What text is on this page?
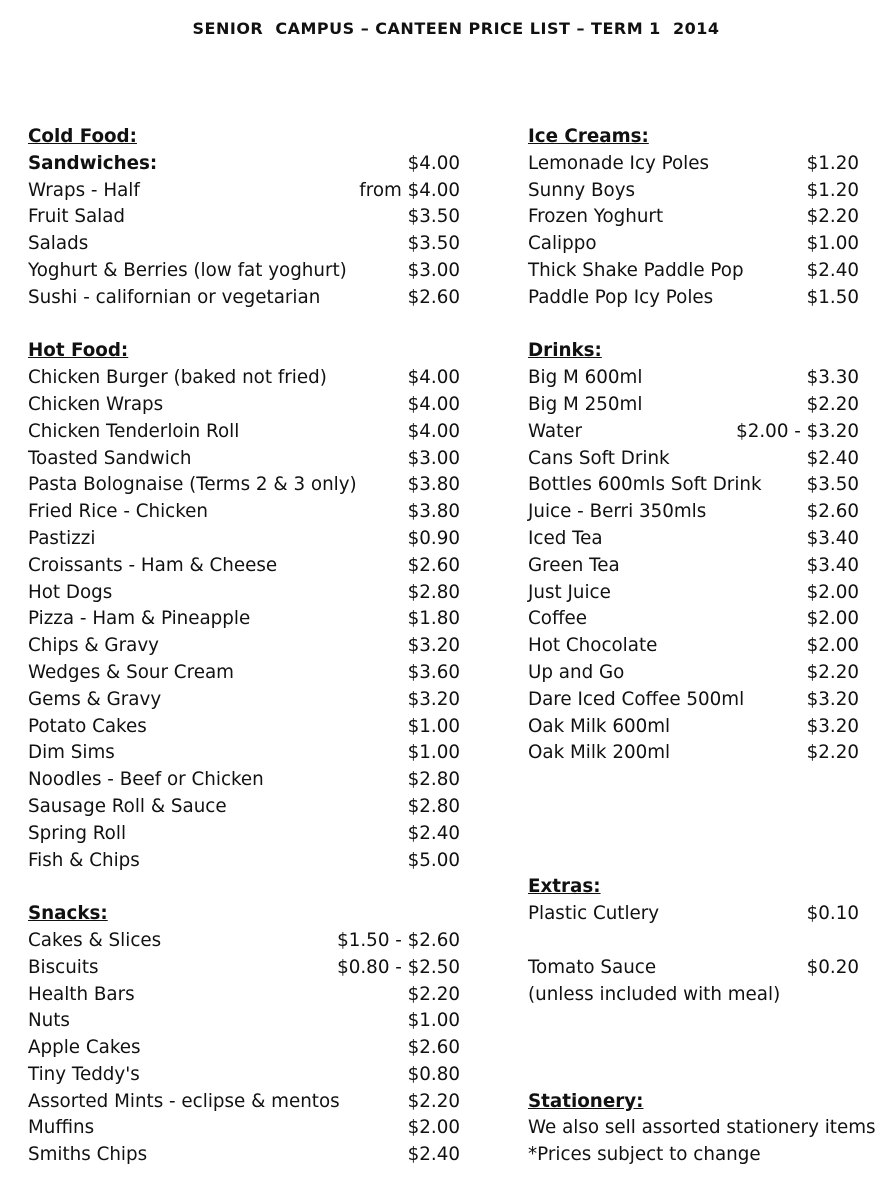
SENIOR  CAMPUS – CANTEEN PRICE LIST – TERM 1  2014
Cold Food:
Sandwiches:	$4.00
Wraps - Half	from $4.00
Fruit Salad	$3.50
Salads	$3.50
Yoghurt & Berries (low fat yoghurt)	$3.00
Sushi - californian or vegetarian	$2.60
Hot Food:
Chicken Burger (baked not fried)	$4.00
Chicken Wraps	$4.00
Chicken Tenderloin Roll	$4.00
Toasted Sandwich	$3.00
Pasta Bolognaise (Terms 2 & 3 only)	$3.80
Fried Rice - Chicken	$3.80
Pastizzi	$0.90
Croissants - Ham & Cheese	$2.60
Hot Dogs	$2.80
Pizza - Ham & Pineapple	$1.80
Chips & Gravy	$3.20
Wedges & Sour Cream	$3.60
Gems & Gravy	$3.20
Potato Cakes	$1.00
Dim Sims	$1.00
Noodles - Beef or Chicken	$2.80
Sausage Roll & Sauce	$2.80
Spring Roll	$2.40
Fish & Chips	$5.00
Snacks:
Cakes & Slices	$1.50 - $2.60
Biscuits	$0.80 - $2.50
Health Bars	$2.20
Nuts	$1.00
Apple Cakes	$2.60
Tiny Teddy's	$0.80
Assorted Mints - eclipse & mentos	$2.20
Muffins	$2.00
Smiths Chips	$2.40
Ice Creams:
Lemonade Icy Poles	$1.20
Sunny Boys	$1.20
Frozen Yoghurt	$2.20
Calippo	$1.00
Thick Shake Paddle Pop	$2.40
Paddle Pop Icy Poles	$1.50
Drinks:
Big M 600ml	$3.30
Big M 250ml	$2.20
Water	$2.00 - $3.20
Cans Soft Drink	$2.40
Bottles 600mls Soft Drink $3.50
Juice - Berri 350mls	$2.60
Iced Tea	$3.40
Green Tea	$3.40
Just Juice	$2.00
Coffee	$2.00
Hot Chocolate	$2.00
Up and Go	$2.20
Dare Iced Coffee 500ml	$3.20
Oak Milk 600ml	$3.20
Oak Milk 200ml	$2.20
Extras:
Plastic Cutlery	$0.10
Tomato Sauce	$0.20
(unless included with meal)
Stationery:
We also sell assorted stationery items
*Prices subject to change
